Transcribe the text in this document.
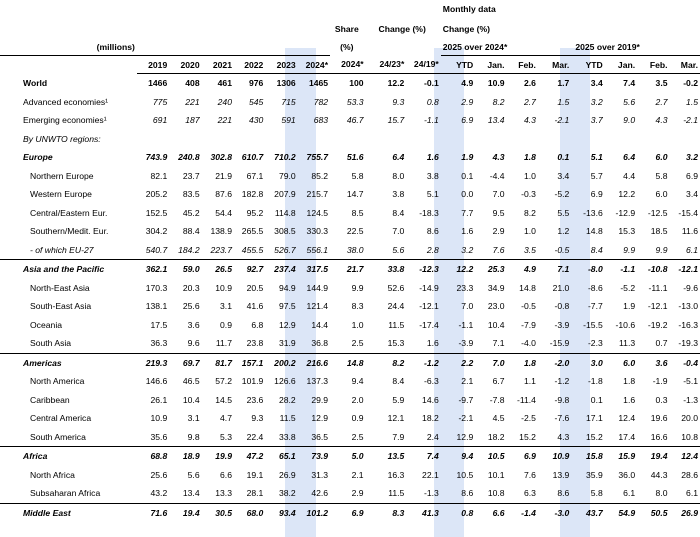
										Monthly data							
							Share	Change (%)		Change (%)							
(millions)							(%)			2025 over 2024*				2025 over 2019*			
	2019	2020	2021	2022	2023	2024*	2024*	24/23*	24/19*	YTD	Jan.	Feb.	Mar.	YTD	Jan.	Feb.	Mar.
World	1466	408	461	976	1306	1465	100	12.2	-0.1	4.9	10.9	2.6	1.7	3.4	7.4	3.5	-0.2
Advanced economies¹	775	221	240	545	715	782	53.3	9.3	0.8	2.9	8.2	2.7	1.5	3.2	5.6	2.7	1.5
Emerging economies¹	691	187	221	430	591	683	46.7	15.7	-1.1	6.9	13.4	4.3	-2.1	3.7	9.0	4.3	-2.1
By UNWTO regions:																	
Europe	743.9	240.8	302.8	610.7	710.2	755.7	51.6	6.4	1.6	1.9	4.3	1.8	0.1	5.1	6.4	6.0	3.2
Northern Europe	82.1	23.7	21.9	67.1	79.0	85.2	5.8	8.0	3.8	0.1	-4.4	1.0	3.4	5.7	4.4	5.8	6.9
Western Europe	205.2	83.5	87.6	182.8	207.9	215.7	14.7	3.8	5.1	0.0	7.0	-0.3	-5.2	6.9	12.2	6.0	3.4
Central/Eastern Eur.	152.5	45.2	54.4	95.2	114.8	124.5	8.5	8.4	-18.3	7.7	9.5	8.2	5.5	-13.6	-12.9	-12.5	-15.4
Southern/Medit. Eur.	304.2	88.4	138.9	265.5	308.5	330.3	22.5	7.0	8.6	1.6	2.9	1.0	1.2	14.8	15.3	18.5	11.6
- of which EU-27	540.7	184.2	223.7	455.5	526.7	556.1	38.0	5.6	2.8	3.2	7.6	3.5	-0.5	8.4	9.9	9.9	6.1
Asia and the Pacific	362.1	59.0	26.5	92.7	237.4	317.5	21.7	33.8	-12.3	12.2	25.3	4.9	7.1	-8.0	-1.1	-10.8	-12.1
North-East Asia	170.3	20.3	10.9	20.5	94.9	144.9	9.9	52.6	-14.9	23.3	34.9	14.8	21.0	-8.6	-5.2	-11.1	-9.6
South-East Asia	138.1	25.6	3.1	41.6	97.5	121.4	8.3	24.4	-12.1	7.0	23.0	-0.5	-0.8	-7.7	1.9	-12.1	-13.0
Oceania	17.5	3.6	0.9	6.8	12.9	14.4	1.0	11.5	-17.4	-1.1	10.4	-7.9	-3.9	-15.5	-10.6	-19.2	-16.3
South Asia	36.3	9.6	11.7	23.8	31.9	36.8	2.5	15.3	1.6	-3.9	7.1	-4.0	-15.9	-2.3	11.3	0.7	-19.3
Americas	219.3	69.7	81.7	157.1	200.2	216.6	14.8	8.2	-1.2	2.2	7.0	1.8	-2.0	3.0	6.0	3.6	-0.4
North America	146.6	46.5	57.2	101.9	126.6	137.3	9.4	8.4	-6.3	2.1	6.7	1.1	-1.2	-1.8	1.8	-1.9	-5.1
Caribbean	26.1	10.4	14.5	23.6	28.2	29.9	2.0	5.9	14.6	-9.7	-7.8	-11.4	-9.8	0.1	1.6	0.3	-1.3
Central America	10.9	3.1	4.7	9.3	11.5	12.9	0.9	12.1	18.2	-2.1	4.5	-2.5	-7.6	17.1	12.4	19.6	20.0
South America	35.6	9.8	5.3	22.4	33.8	36.5	2.5	7.9	2.4	12.9	18.2	15.2	4.3	15.2	17.4	16.6	10.8
Africa	68.8	18.9	19.9	47.2	65.1	73.9	5.0	13.5	7.4	9.4	10.5	6.9	10.9	15.8	15.9	19.4	12.4
North Africa	25.6	5.6	6.6	19.1	26.9	31.3	2.1	16.3	22.1	10.5	10.1	7.6	13.9	35.9	36.0	44.3	28.6
Subsaharan Africa	43.2	13.4	13.3	28.1	38.2	42.6	2.9	11.5	-1.3	8.6	10.8	6.3	8.6	5.8	6.1	8.0	6.1
Middle East	71.6	19.4	30.5	68.0	93.4	101.2	6.9	8.3	41.3	0.8	6.6	-1.4	-3.0	43.7	54.9	50.5	26.9
